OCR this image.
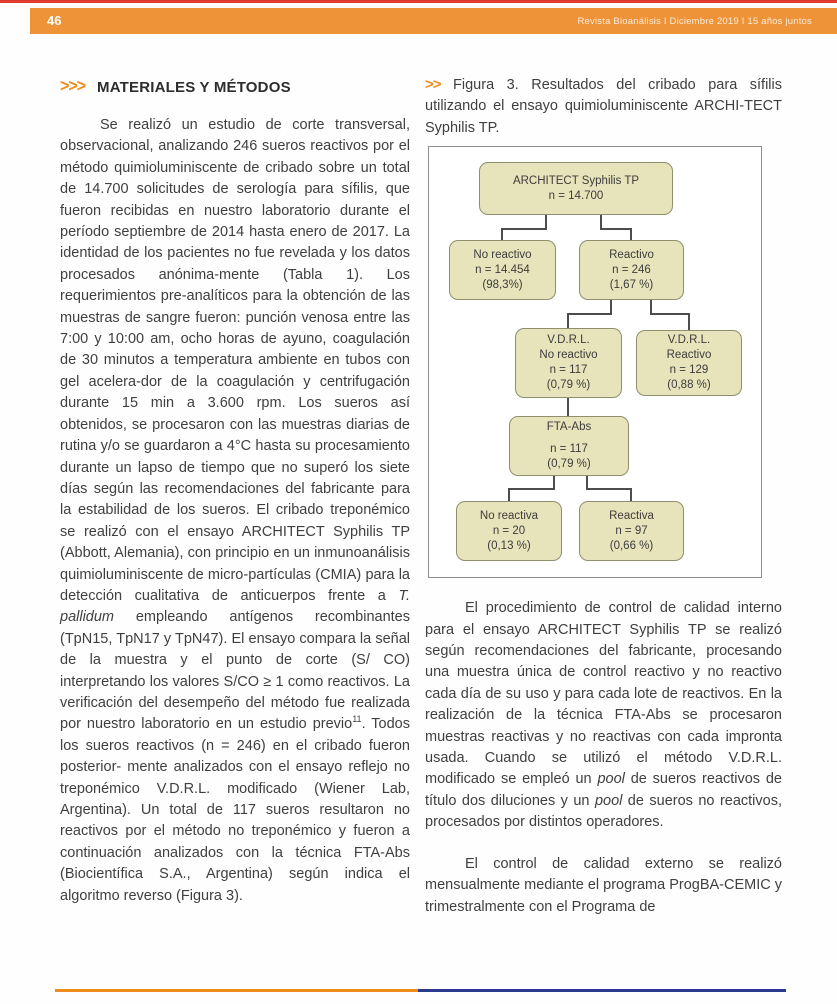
46	Revista Bioanálisis I Diciembre 2019 I 15 años juntos
>>> MATERIALES Y MÉTODOS

Se realizó un estudio de corte transversal, observacional, analizando 246 sueros reactivos por el método quimioluminiscente de cribado sobre un total de 14.700 solicitudes de serología para sífilis, que fueron recibidas en nuestro laboratorio durante el período septiembre de 2014 hasta enero de 2017. La identidad de los pacientes no fue revelada y los datos procesados anónima-mente (Tabla 1). Los requerimientos pre-analíticos para la obtención de las muestras de sangre fueron: punción venosa entre las 7:00 y 10:00 am, ocho horas de ayuno, coagulación de 30 minutos a temperatura ambiente en tubos con gel acelera-dor de la coagulación y centrifugación durante 15 min a 3.600 rpm. Los sueros así obtenidos, se procesaron con las muestras diarias de rutina y/o se guardaron a 4°C hasta su procesamiento durante un lapso de tiempo que no superó los siete días según las recomendaciones del fabricante para la estabilidad de los sueros. El cribado treponémico se realizó con el ensayo ARCHITECT Syphilis TP (Abbott, Alemania), con principio en un inmunoanálisis quimioluminiscente de micro-partículas (CMIA) para la detección cualitativa de anticuerpos frente a T. pallidum empleando antígenos recombinantes (TpN15, TpN17 y TpN47). El ensayo compara la señal de la muestra y el punto de corte (S/ CO) interpretando los valores S/CO ≥ 1 como reactivos. La verificación del desempeño del método fue realizada por nuestro laboratorio en un estudio previo$^{11}$. Todos los sueros reactivos (n = 246) en el cribado fueron posterior- mente analizados con el ensayo reflejo no treponémico V.D.R.L. modificado (Wiener Lab, Argentina). Un total de 117 sueros resultaron no reactivos por el método no treponémico y fueron a continuación analizados con la técnica FTA-Abs (Biocientífica S.A., Argentina) según indica el algoritmo reverso (Figura 3).

>> Figura 3. Resultados del cribado para sífilis utilizando el ensayo quimioluminiscente ARCHI-TECT Syphilis TP.

ARCHITECT Syphilis TP
n = 14.700
No reactivo
n = 14.454
(98,3%)
Reactivo
n = 246
(1,67 %)
V.D.R.L.
No reactivo
n = 117
(0,79 %)
V.D.R.L.
Reactivo
n = 129
(0,88 %)
FTA-Abs
n = 117
(0,79 %)
No reactiva
n = 20
(0,13 %)
Reactiva
n = 97
(0,66 %)

El procedimiento de control de calidad interno para el ensayo ARCHITECT Syphilis TP se realizó según recomendaciones del fabricante, procesando una muestra única de control reactivo y no reactivo cada día de su uso y para cada lote de reactivos. En la realización de la técnica FTA-Abs se procesaron muestras reactivas y no reactivas con cada impronta usada. Cuando se utilizó el método V.D.R.L. modificado se empleó un pool de sueros reactivos de título dos diluciones y un pool de sueros no reactivos, procesados por distintos operadores.

El control de calidad externo se realizó mensualmente mediante el programa ProgBA-CEMIC y trimestralmente con el Programa de
